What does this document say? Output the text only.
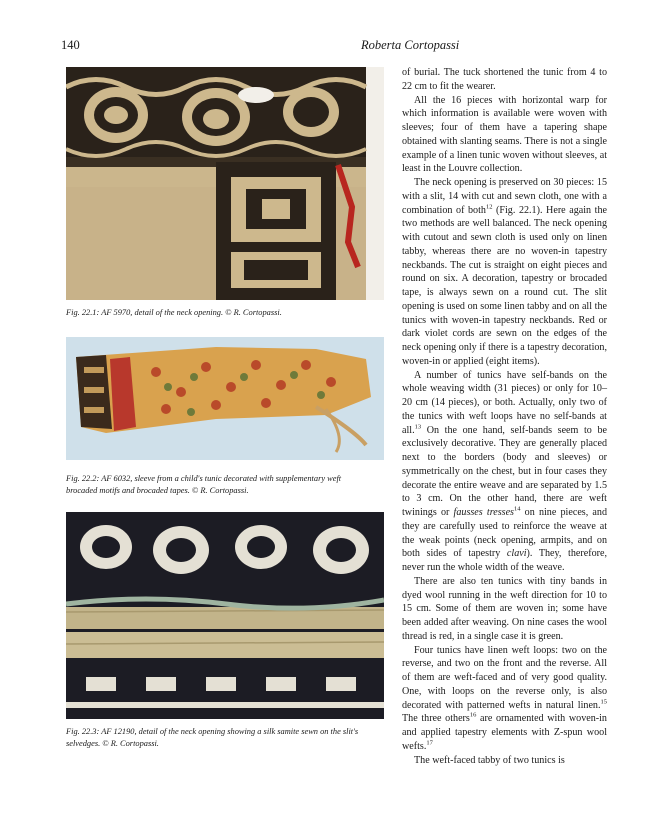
140	Roberta Cortopassi
Fig. 22.1: AF 5970, detail of the neck opening. © R. Cortopassi.
Fig. 22.2: AF 6032, sleeve from a child's tunic decorated with supplementary weft brocaded motifs and brocaded tapes. © R. Cortopassi.
Fig. 22.3: AF 12190, detail of the neck opening showing a silk samite sewn on the slit's selvedges. © R. Cortopassi.

of burial. The tuck shortened the tunic from 4 to 22 cm to fit the wearer.

All the 16 pieces with horizontal warp for which information is available were woven with sleeves; four of them have a tapering shape obtained with slanting seams. There is not a single example of a linen tunic woven without sleeves, at least in the Louvre collection.

The neck opening is preserved on 30 pieces: 15 with a slit, 14 with cut and sewn cloth, one with a combination of both$^{12}$ (Fig. 22.1). Here again the two methods are well balanced. The neck opening with cutout and sewn cloth is used only on linen tabby, whereas there are no woven-in tapestry neckbands. The cut is straight on eight pieces and round on six. A decoration, tapestry or brocaded tape, is always sewn on a round cut. The slit opening is used on some linen tabby and on all the tunics with woven-in tapestry neckbands. Red or dark violet cords are sewn on the edges of the neck opening only if there is a tapestry decoration, woven-in or applied (eight items).

A number of tunics have self-bands on the whole weaving width (31 pieces) or only for 10–20 cm (14 pieces), or both. Actually, only two of the tunics with weft loops have no self-bands at all.$^{13}$ On the one hand, self-bands seem to be exclusively decorative. They are generally placed next to the borders (body and sleeves) or symmetrically on the chest, but in four cases they decorate the entire weave and are separated by 1.5 to 3 cm. On the other hand, there are weft twinings or fausses tresses$^{14}$ on nine pieces, and they are carefully used to reinforce the weave at the weak points (neck opening, armpits, and on both sides of tapestry clavi). They, therefore, never run the whole width of the weave.

There are also ten tunics with tiny bands in dyed wool running in the weft direction for 10 to 15 cm. Some of them are woven in; some have been added after weaving. On nine cases the wool thread is red, in a single case it is green.

Four tunics have linen weft loops: two on the reverse, and two on the front and the reverse. All of them are weft-faced and of very good quality. One, with loops on the reverse only, is also decorated with patterned wefts in natural linen.$^{15}$ The three others$^{16}$ are ornamented with woven-in and applied tapestry elements with Z-spun wool wefts.$^{17}$

The weft-faced tabby of two tunics is
